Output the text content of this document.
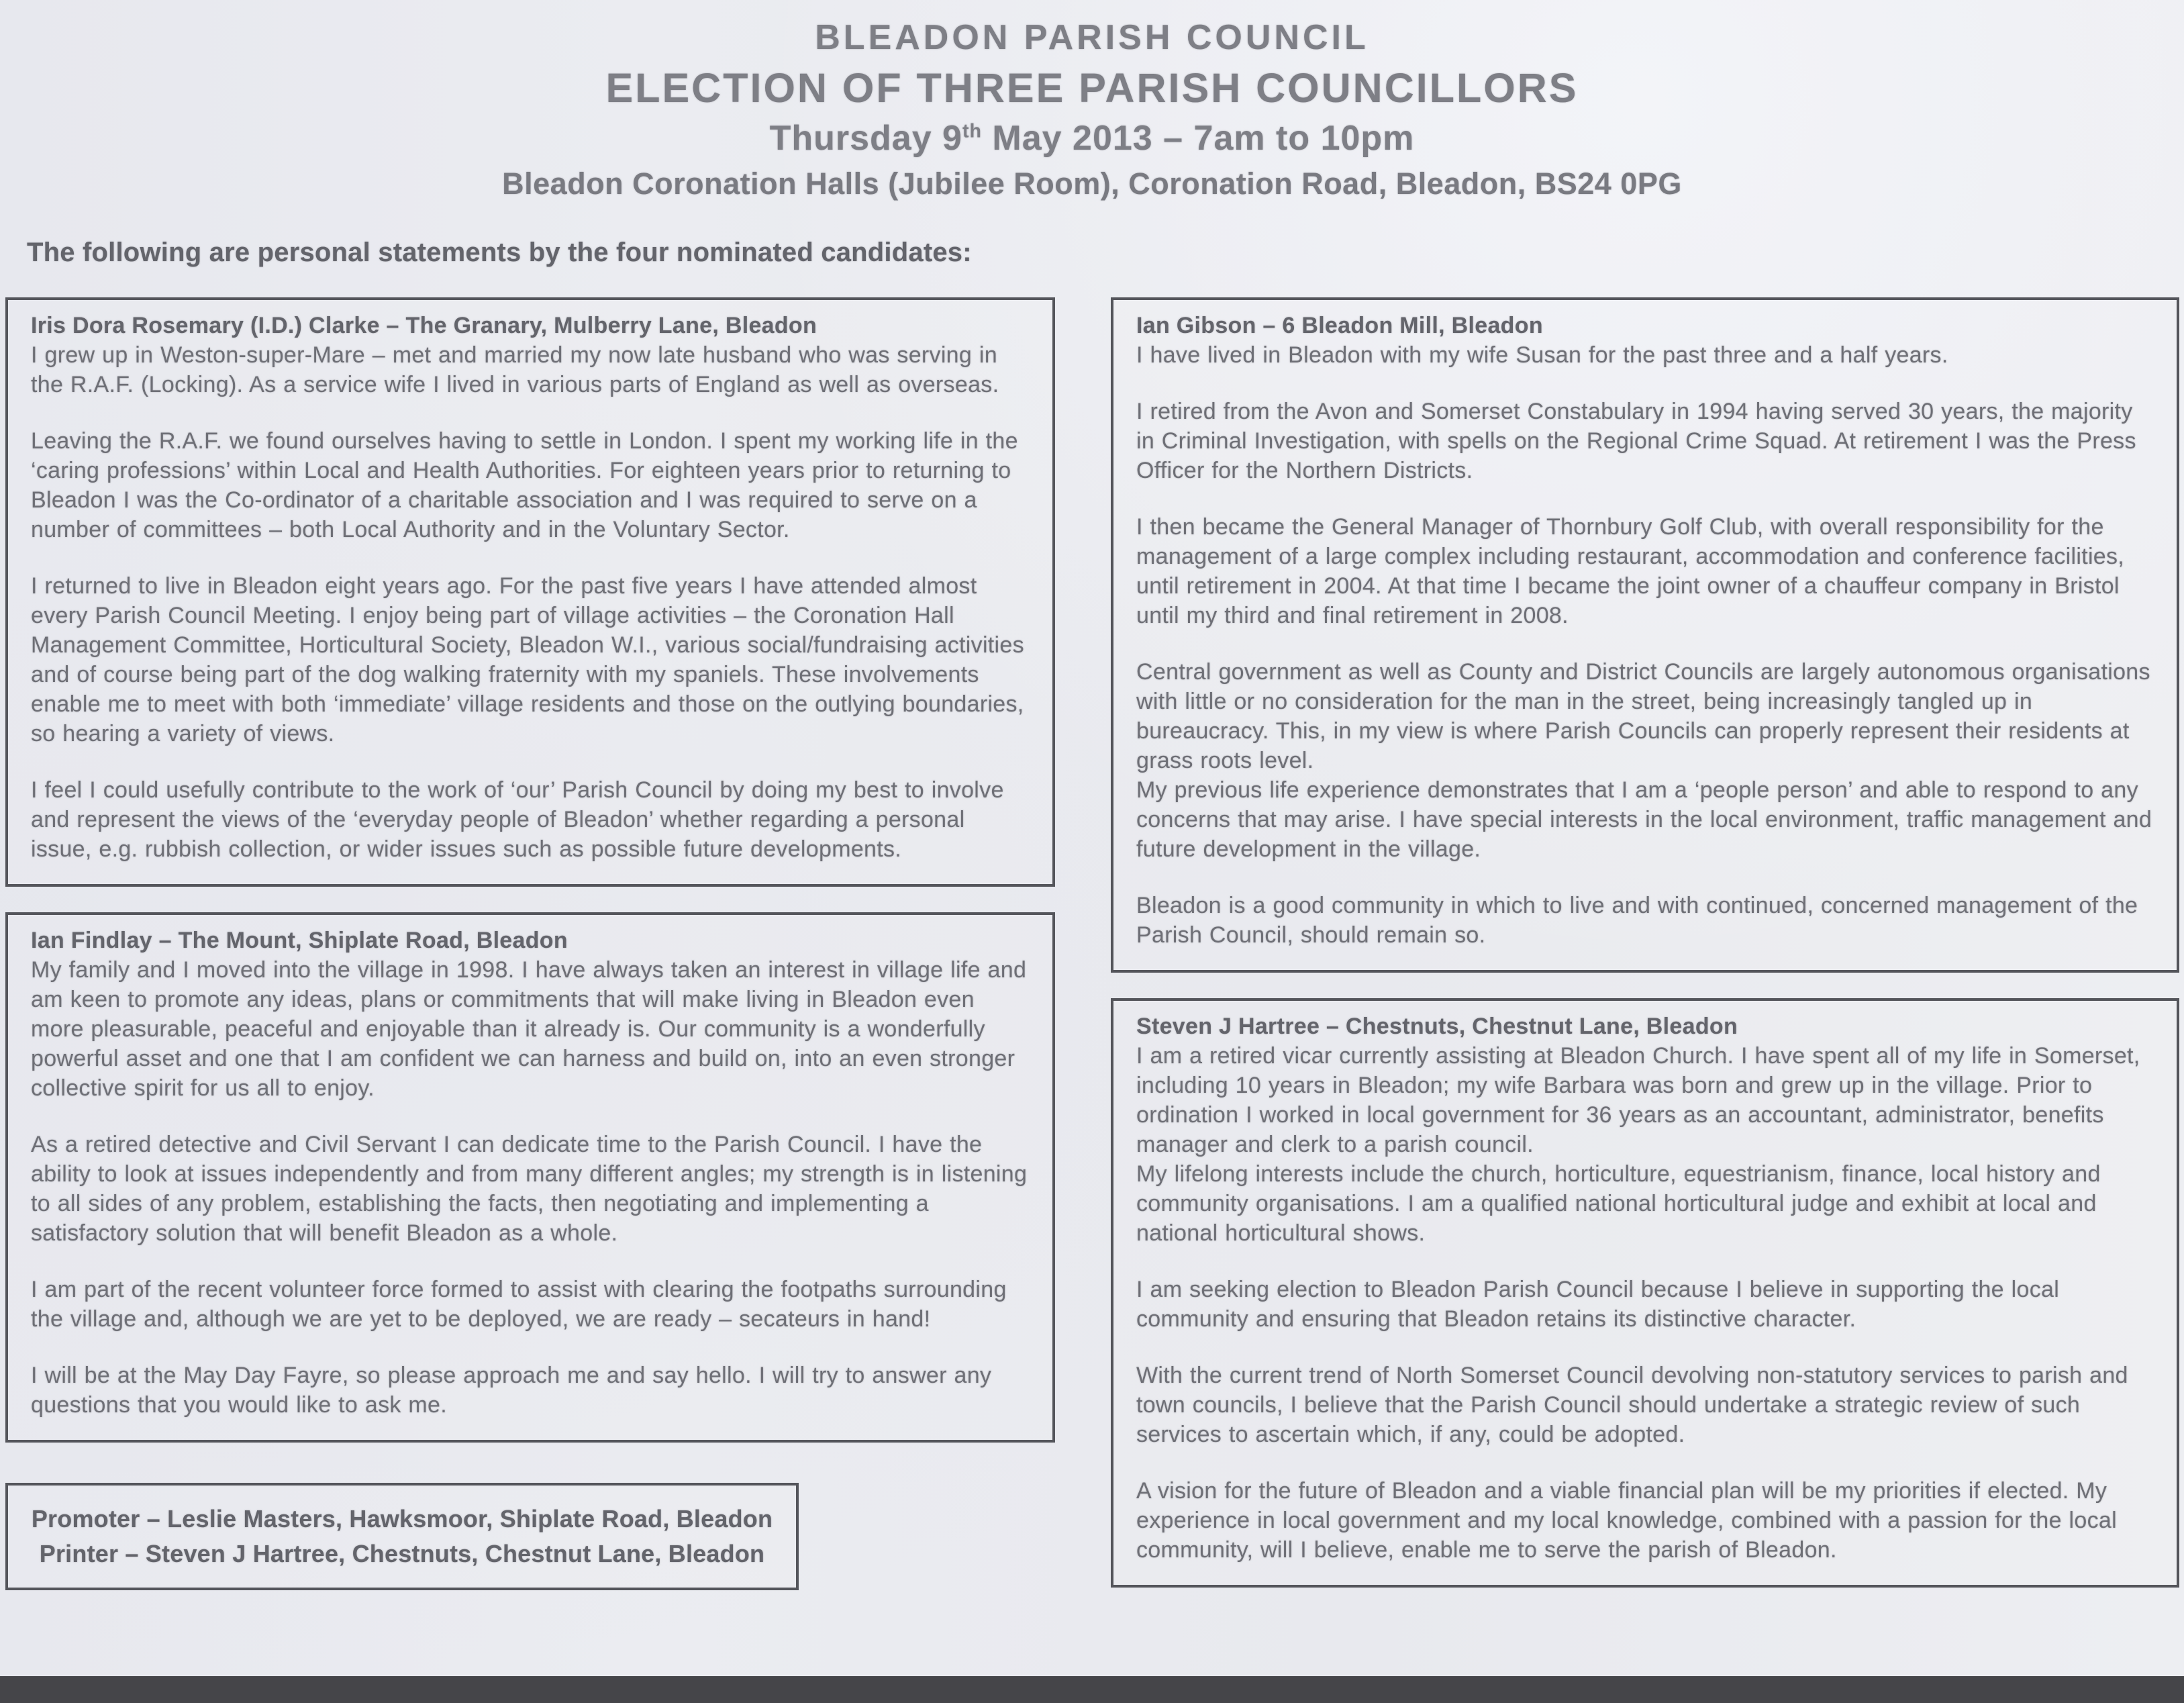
BLEADON PARISH COUNCIL
ELECTION OF THREE PARISH COUNCILLORS
Thursday 9th May 2013 – 7am to 10pm
Bleadon Coronation Halls (Jubilee Room), Coronation Road, Bleadon, BS24 0PG
The following are personal statements by the four nominated candidates:
Iris Dora Rosemary (I.D.) Clarke – The Granary, Mulberry Lane, Bleadon

I grew up in Weston-super-Mare – met and married my now late husband who was serving in the R.A.F. (Locking). As a service wife I lived in various parts of England as well as overseas.

Leaving the R.A.F. we found ourselves having to settle in London. I spent my working life in the ‘caring professions’ within Local and Health Authorities. For eighteen years prior to returning to Bleadon I was the Co-ordinator of a charitable association and I was required to serve on a number of committees – both Local Authority and in the Voluntary Sector.

I returned to live in Bleadon eight years ago. For the past five years I have attended almost every Parish Council Meeting. I enjoy being part of village activities – the Coronation Hall Management Committee, Horticultural Society, Bleadon W.I., various social/fundraising activities and of course being part of the dog walking fraternity with my spaniels. These involvements enable me to meet with both ‘immediate’ village residents and those on the outlying boundaries, so hearing a variety of views.

I feel I could usefully contribute to the work of ‘our’ Parish Council by doing my best to involve and represent the views of the ‘everyday people of Bleadon’ whether regarding a personal issue, e.g. rubbish collection, or wider issues such as possible future developments.

Ian Findlay – The Mount, Shiplate Road, Bleadon

My family and I moved into the village in 1998. I have always taken an interest in village life and am keen to promote any ideas, plans or commitments that will make living in Bleadon even more pleasurable, peaceful and enjoyable than it already is. Our community is a wonderfully powerful asset and one that I am confident we can harness and build on, into an even stronger collective spirit for us all to enjoy.

As a retired detective and Civil Servant I can dedicate time to the Parish Council. I have the ability to look at issues independently and from many different angles; my strength is in listening to all sides of any problem, establishing the facts, then negotiating and implementing a satisfactory solution that will benefit Bleadon as a whole.

I am part of the recent volunteer force formed to assist with clearing the footpaths surrounding the village and, although we are yet to be deployed, we are ready – secateurs in hand!

I will be at the May Day Fayre, so please approach me and say hello. I will try to answer any questions that you would like to ask me.

Promoter – Leslie Masters, Hawksmoor, Shiplate Road, Bleadon
Printer – Steven J Hartree, Chestnuts, Chestnut Lane, Bleadon
Ian Gibson – 6 Bleadon Mill, Bleadon

I have lived in Bleadon with my wife Susan for the past three and a half years.

I retired from the Avon and Somerset Constabulary in 1994 having served 30 years, the majority in Criminal Investigation, with spells on the Regional Crime Squad. At retirement I was the Press Officer for the Northern Districts.

I then became the General Manager of Thornbury Golf Club, with overall responsibility for the management of a large complex including restaurant, accommodation and conference facilities, until retirement in 2004. At that time I became the joint owner of a chauffeur company in Bristol until my third and final retirement in 2008.

Central government as well as County and District Councils are largely autonomous organisations with little or no consideration for the man in the street, being increasingly tangled up in bureaucracy. This, in my view is where Parish Councils can properly represent their residents at grass roots level.

My previous life experience demonstrates that I am a ‘people person’ and able to respond to any concerns that may arise. I have special interests in the local environment, traffic management and future development in the village.

Bleadon is a good community in which to live and with continued, concerned management of the Parish Council, should remain so.

Steven J Hartree – Chestnuts, Chestnut Lane, Bleadon

I am a retired vicar currently assisting at Bleadon Church. I have spent all of my life in Somerset, including 10 years in Bleadon; my wife Barbara was born and grew up in the village. Prior to ordination I worked in local government for 36 years as an accountant, administrator, benefits manager and clerk to a parish council.

My lifelong interests include the church, horticulture, equestrianism, finance, local history and community organisations. I am a qualified national horticultural judge and exhibit at local and national horticultural shows.

I am seeking election to Bleadon Parish Council because I believe in supporting the local community and ensuring that Bleadon retains its distinctive character.

With the current trend of North Somerset Council devolving non-statutory services to parish and town councils, I believe that the Parish Council should undertake a strategic review of such services to ascertain which, if any, could be adopted.

A vision for the future of Bleadon and a viable financial plan will be my priorities if elected. My experience in local government and my local knowledge, combined with a passion for the local community, will I believe, enable me to serve the parish of Bleadon.
